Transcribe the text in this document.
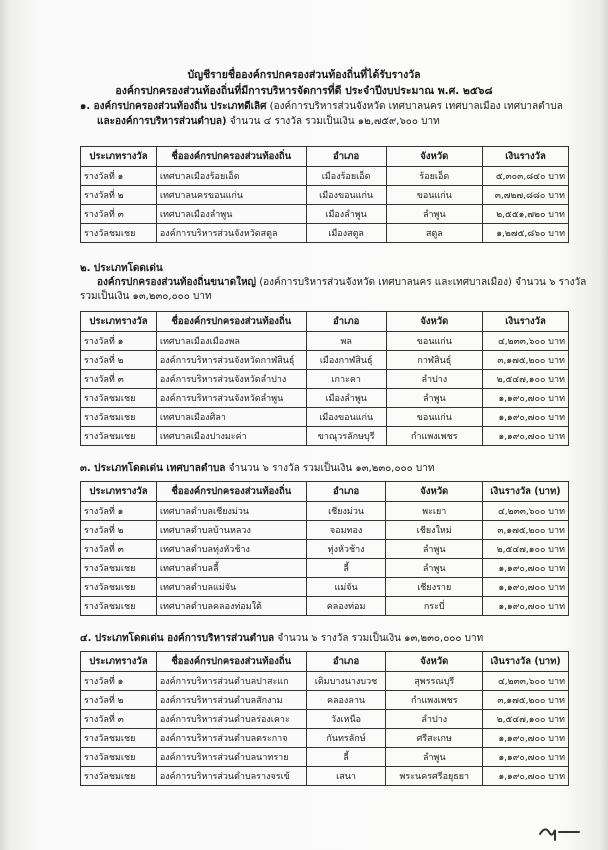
บัญชีรายชื่อองค์กรปกครองส่วนท้องถิ่นที่ได้รับรางวัล
องค์กรปกครองส่วนท้องถิ่นที่มีการบริหารจัดการที่ดี ประจำปีงบประมาณ พ.ศ. ๒๕๖๘
๑. องค์กรปกครองส่วนท้องถิ่น ประเภทดีเลิศ (องค์การบริหารส่วนจังหวัด เทศบาลนคร เทศบาลเมือง เทศบาลตำบล
และองค์การบริหารส่วนตำบล) จำนวน ๔ รางวัล รวมเป็นเงิน ๑๒,๗๕๙,๖๐๐ บาท
ประเภทรางวัล	ชื่อองค์กรปกครองส่วนท้องถิ่น	อำเภอ	จังหวัด	เงินรางวัล
รางวัลที่ ๑	เทศบาลเมืองร้อยเอ็ด	เมืองร้อยเอ็ด	ร้อยเอ็ด	๕,๓๐๓,๘๔๐ บาท
รางวัลที่ ๒	เทศบาลนครขอนแก่น	เมืองขอนแก่น	ขอนแก่น	๓,๗๒๗,๘๘๐ บาท
รางวัลที่ ๓	เทศบาลเมืองลำพูน	เมืองลำพูน	ลำพูน	๒,๕๕๑,๗๒๐ บาท
รางวัลชมเชย	องค์การบริหารส่วนจังหวัดสตูล	เมืองสตูล	สตูล	๑,๒๗๕,๘๖๐ บาท
๒. ประเภทโดดเด่น
องค์กรปกครองส่วนท้องถิ่นขนาดใหญ่ (องค์การบริหารส่วนจังหวัด เทศบาลนคร และเทศบาลเมือง) จำนวน ๖ รางวัล
รวมเป็นเงิน ๑๓,๒๓๐,๐๐๐ บาท
ประเภทรางวัล	ชื่อองค์กรปกครองส่วนท้องถิ่น	อำเภอ	จังหวัด	เงินรางวัล
รางวัลที่ ๑	เทศบาลเมืองเมืองพล	พล	ขอนแก่น	๔,๒๓๓,๖๐๐ บาท
รางวัลที่ ๒	องค์การบริหารส่วนจังหวัดกาฬสินธุ์	เมืองกาฬสินธุ์	กาฬสินธุ์	๓,๑๗๕,๒๐๐ บาท
รางวัลที่ ๓	องค์การบริหารส่วนจังหวัดลำปาง	เกาะคา	ลำปาง	๒,๕๔๗,๑๐๐ บาท
รางวัลชมเชย	องค์การบริหารส่วนจังหวัดลำพูน	เมืองลำพูน	ลำพูน	๑,๑๙๐,๗๐๐ บาท
รางวัลชมเชย	เทศบาลเมืองศิลา	เมืองขอนแก่น	ขอนแก่น	๑,๑๙๐,๗๐๐ บาท
รางวัลชมเชย	เทศบาลเมืองปางมะค่า	ขาณุวรลักษบุรี	กำแพงเพชร	๑,๑๙๐,๗๐๐ บาท
๓. ประเภทโดดเด่น เทศบาลตำบล จำนวน ๖ รางวัล รวมเป็นเงิน ๑๓,๒๓๐,๐๐๐ บาท
ประเภทรางวัล	ชื่อองค์กรปกครองส่วนท้องถิ่น	อำเภอ	จังหวัด	เงินรางวัล (บาท)
รางวัลที่ ๑	เทศบาลตำบลเชียงม่วน	เชียงม่วน	พะเยา	๔,๒๓๓,๖๐๐ บาท
รางวัลที่ ๒	เทศบาลตำบลบ้านหลวง	จอมทอง	เชียงใหม่	๓,๑๗๕,๒๐๐ บาท
รางวัลที่ ๓	เทศบาลตำบลทุ่งหัวช้าง	ทุ่งหัวช้าง	ลำพูน	๒,๕๔๗,๑๐๐ บาท
รางวัลชมเชย	เทศบาลตำบลลี้	ลี้	ลำพูน	๑,๑๙๐,๗๐๐ บาท
รางวัลชมเชย	เทศบาลตำบลแม่จัน	แม่จัน	เชียงราย	๑,๑๙๐,๗๐๐ บาท
รางวัลชมเชย	เทศบาลตำบลคลองท่อมใต้	คลองท่อม	กระบี่	๑,๑๙๐,๗๐๐ บาท
๔. ประเภทโดดเด่น องค์การบริหารส่วนตำบล จำนวน ๖ รางวัล รวมเป็นเงิน ๑๓,๒๓๐,๐๐๐ บาท
ประเภทรางวัล	ชื่อองค์กรปกครองส่วนท้องถิ่น	อำเภอ	จังหวัด	เงินรางวัล (บาท)
รางวัลที่ ๑	องค์การบริหารส่วนตำบลปาสะแก	เดิมบางนางบวช	สุพรรณบุรี	๔,๒๓๓,๖๐๐ บาท
รางวัลที่ ๒	องค์การบริหารส่วนตำบลสักงาม	คลองลาน	กำแพงเพชร	๓,๑๗๕,๒๐๐ บาท
รางวัลที่ ๓	องค์การบริหารส่วนตำบลร่องเคาะ	วังเหนือ	ลำปาง	๒,๕๔๗,๑๐๐ บาท
รางวัลชมเชย	องค์การบริหารส่วนตำบลตระกาจ	กันทรลักษ์	ศรีสะเกษ	๑,๑๙๐,๗๐๐ บาท
รางวัลชมเชย	องค์การบริหารส่วนตำบลนาทราย	ลี้	ลำพูน	๑,๑๙๐,๗๐๐ บาท
รางวัลชมเชย	องค์การบริหารส่วนตำบลรางจรเข้	เสนา	พระนครศรีอยุธยา	๑,๑๙๐,๗๐๐ บาท
